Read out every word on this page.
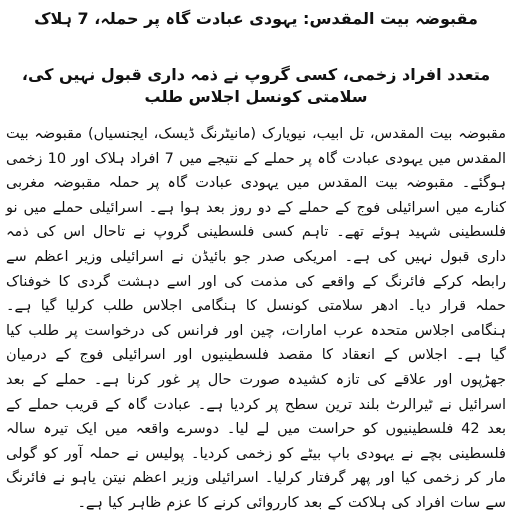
مقبوضہ بیت المقدس: یہودی عبادت گاہ پر حملہ، 7 ہلاک
متعدد افراد زخمی، کسی گروپ نے ذمہ داری قبول نہیں کی، سلامتی کونسل اجلاس طلب

مقبوضہ بیت المقدس، تل ابیب، نیویارک (مانیٹرنگ ڈیسک، ایجنسیاں) مقبوضہ بیت المقدس میں یہودی عبادت گاہ پر حملے کے نتیجے میں 7 افراد ہلاک اور 10 زخمی ہوگئے۔ مقبوضہ بیت المقدس میں یہودی عبادت گاہ پر حملہ مقبوضہ مغربی کنارے میں اسرائیلی فوج کے حملے کے دو روز بعد ہوا ہے۔ اسرائیلی حملے میں نو فلسطینی شہید ہوئے تھے۔ تاہم کسی فلسطینی گروپ نے تاحال اس کی ذمہ داری قبول نہیں کی ہے۔ امریکی صدر جو بائیڈن نے اسرائیلی وزیر اعظم سے رابطہ کرکے فائرنگ کے واقعے کی مذمت کی اور اسے دہشت گردی کا خوفناک حملہ قرار دیا۔ ادھر سلامتی کونسل کا ہنگامی اجلاس طلب کرلیا گیا ہے۔ ہنگامی اجلاس متحدہ عرب امارات، چین اور فرانس کی درخواست پر طلب کیا گیا ہے۔ اجلاس کے انعقاد کا مقصد فلسطینیوں اور اسرائیلی فوج کے درمیان جھڑپوں اور علاقے کی تازہ کشیدہ صورت حال پر غور کرنا ہے۔ حملے کے بعد اسرائیل نے ٹیرالرٹ بلند ترین سطح پر کردیا ہے۔ عبادت گاہ کے قریب حملے کے بعد 42 فلسطینیوں کو حراست میں لے لیا۔ دوسرے واقعہ میں ایک تیرہ سالہ فلسطینی بچے نے یہودی باپ بیٹے کو زخمی کردیا۔ پولیس نے حملہ آور کو گولی مار کر زخمی کیا اور پھر گرفتار کرلیا۔ اسرائیلی وزیر اعظم نیتن یاہو نے فائرنگ سے سات افراد کی ہلاکت کے بعد کارروائی کرنے کا عزم ظاہر کیا ہے۔
